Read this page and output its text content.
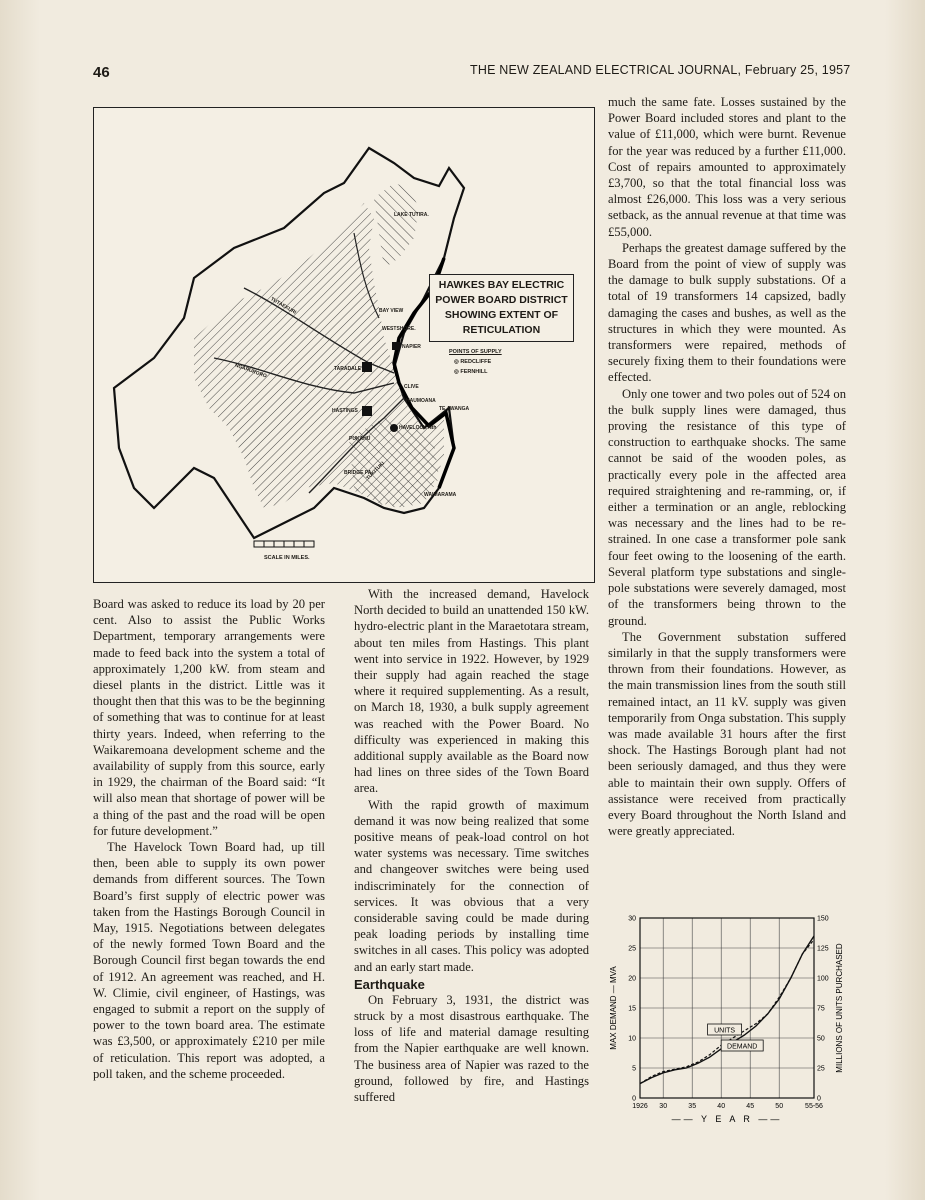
46	THE NEW ZEALAND ELECTRICAL JOURNAL, February 25, 1957
HAWKES BAY ELECTRIC
POWER BOARD DISTRICT
SHOWING EXTENT OF
RETICULATION
POINTS OF SUPPLY
◎ REDCLIFFE
◎ FERNHILL
LAKE TUTIRA.
BAY VIEW
WESTSHORE.
NAPIER
TARADALE
CLIVE
HAUMOANA
TE AWANGA
HASTINGS
HAVELOCK Nth
PUKAHU
BRIDGE PA
WAIMARAMA
TUTAEKURI
NGARURORO
TUKITUKI
SCALE IN MILES.

Board was asked to reduce its load by 20 per cent. Also to assist the Public Works Department, temporary arrangements were made to feed back into the system a total of approximately 1,200 kW. from steam and diesel plants in the district. Little was it thought then that this was to be the beginning of something that was to continue for at least thirty years. Indeed, when referring to the Waikaremoana development scheme and the availability of supply from this source, early in 1929, the chairman of the Board said: “It will also mean that shortage of power will be a thing of the past and the road will be open for future development.”

The Havelock Town Board had, up till then, been able to supply its own power demands from different sources. The Town Board’s first supply of electric power was taken from the Hastings Borough Council in May, 1915. Negotiations between delegates of the newly formed Town Board and the Borough Council first began towards the end of 1912. An agreement was reached, and H. W. Climie, civil engineer, of Hastings, was engaged to submit a report on the supply of power to the town board area. The estimate was £3,500, or approximately £210 per mile of reticulation. This report was adopted, a poll taken, and the scheme proceeded.

With the increased demand, Havelock North decided to build an unattended 150 kW. hydro-electric plant in the Maraetotara stream, about ten miles from Hastings. This plant went into service in 1922. However, by 1929 their supply had again reached the stage where it required supplementing. As a result, on March 18, 1930, a bulk supply agreement was reached with the Power Board. No difficulty was experienced in making this additional supply available as the Board now had lines on three sides of the Town Board area.

With the rapid growth of maximum demand it was now being realized that some positive means of peak-load control on hot water systems was necessary. Time switches and changeover switches were being used indiscriminately for the connection of services. It was obvious that a very considerable saving could be made during peak loading periods by installing time switches in all cases. This policy was adopted and an early start made.

Earthquake

On February 3, 1931, the district was struck by a most disastrous earthquake. The loss of life and material damage resulting from the Napier earthquake are well known. The business area of Napier was razed to the ground, followed by fire, and Hastings suffered

much the same fate. Losses sustained by the Power Board included stores and plant to the value of £11,000, which were burnt. Revenue for the year was reduced by a further £11,000. Cost of repairs amounted to approximately £3,700, so that the total financial loss was almost £26,000. This loss was a very serious setback, as the annual revenue at that time was £55,000.

Perhaps the greatest damage suffered by the Board from the point of view of supply was the damage to bulk supply substations. Of a total of 19 transformers 14 capsized, badly damaging the cases and bushes, as well as the structures in which they were mounted. As transformers were repaired, methods of securely fixing them to their foundations were effected.

Only one tower and two poles out of 524 on the bulk supply lines were damaged, thus proving the resistance of this type of construction to earthquake shocks. The same cannot be said of the wooden poles, as practically every pole in the affected area required straightening and re-ramming, or, if either a termination or an angle, reblocking was necessary and the lines had to be re-strained. In one case a transformer pole sank four feet owing to the loosening of the earth. Several platform type substations and single-pole substations were severely damaged, most of the transformers being thrown to the ground.

The Government substation suffered similarly in that the supply transformers were thrown from their foundations. However, as the main transmission lines from the south still remained intact, an 11 kV. supply was given temporarily from Onga substation. This supply was made available 31 hours after the first shock. The Hastings Borough plant had not been seriously damaged, and thus they were able to maintain their own supply. Offers of assistance were received from practically every Board throughout the North Island and were greatly appreciated.

1926 30	35	40	45	50	55-56
0
5
10
15
20
25
30
0
25
50
75
100
125
150
—— Y E A R ——
MAX DEMAND — MVA	MILLIONS OF UNITS PURCHASED
UNITS
DEMAND
